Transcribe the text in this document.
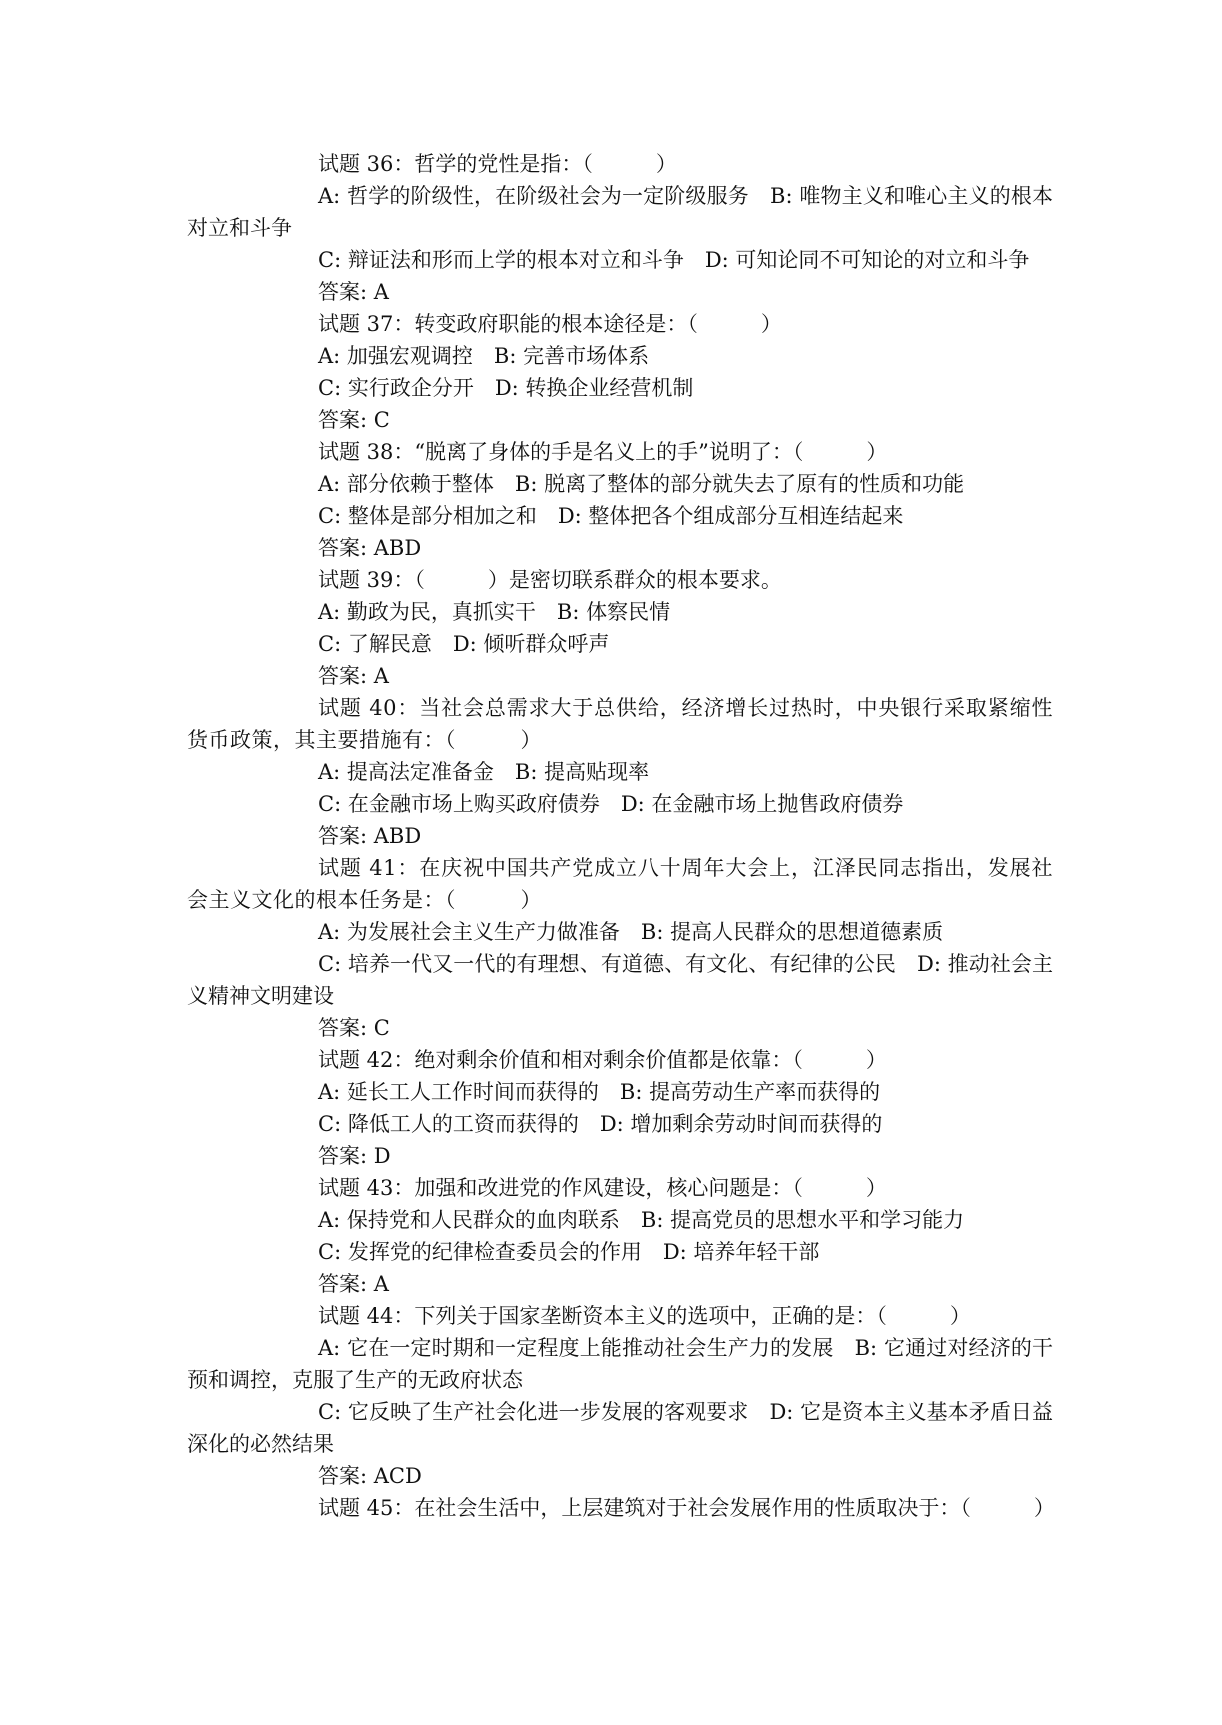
试题 36：哲学的党性是指：（　　　）
A: 哲学的阶级性，在阶级社会为一定阶级服务　B: 唯物主义和唯心主义的根本对立和斗争
C: 辩证法和形而上学的根本对立和斗争　D: 可知论同不可知论的对立和斗争
答案: A
试题 37：转变政府职能的根本途径是：（　　　）
A: 加强宏观调控　B: 完善市场体系
C: 实行政企分开　D: 转换企业经营机制
答案: C
试题 38：“脱离了身体的手是名义上的手”说明了：（　　　）
A: 部分依赖于整体　B: 脱离了整体的部分就失去了原有的性质和功能
C: 整体是部分相加之和　D: 整体把各个组成部分互相连结起来
答案: ABD
试题 39：（　　　）是密切联系群众的根本要求。
A: 勤政为民，真抓实干　B: 体察民情
C: 了解民意　D: 倾听群众呼声
答案: A
试题 40：当社会总需求大于总供给，经济增长过热时，中央银行采取紧缩性货币政策，其主要措施有：（　　　）
A: 提高法定准备金　B: 提高贴现率
C: 在金融市场上购买政府债券　D: 在金融市场上抛售政府债券
答案: ABD
试题 41：在庆祝中国共产党成立八十周年大会上，江泽民同志指出，发展社会主义文化的根本任务是：（　　　）
A: 为发展社会主义生产力做准备　B: 提高人民群众的思想道德素质
C: 培养一代又一代的有理想、有道德、有文化、有纪律的公民　D: 推动社会主义精神文明建设
答案: C
试题 42：绝对剩余价值和相对剩余价值都是依靠：（　　　）
A: 延长工人工作时间而获得的　B: 提高劳动生产率而获得的
C: 降低工人的工资而获得的　D: 增加剩余劳动时间而获得的
答案: D
试题 43：加强和改进党的作风建设，核心问题是：（　　　）
A: 保持党和人民群众的血肉联系　B: 提高党员的思想水平和学习能力
C: 发挥党的纪律检查委员会的作用　D: 培养年轻干部
答案: A
试题 44：下列关于国家垄断资本主义的选项中，正确的是：（　　　）
A: 它在一定时期和一定程度上能推动社会生产力的发展　B: 它通过对经济的干预和调控，克服了生产的无政府状态
C: 它反映了生产社会化进一步发展的客观要求　D: 它是资本主义基本矛盾日益深化的必然结果
答案: ACD
试题 45：在社会生活中，上层建筑对于社会发展作用的性质取决于：（　　　）
